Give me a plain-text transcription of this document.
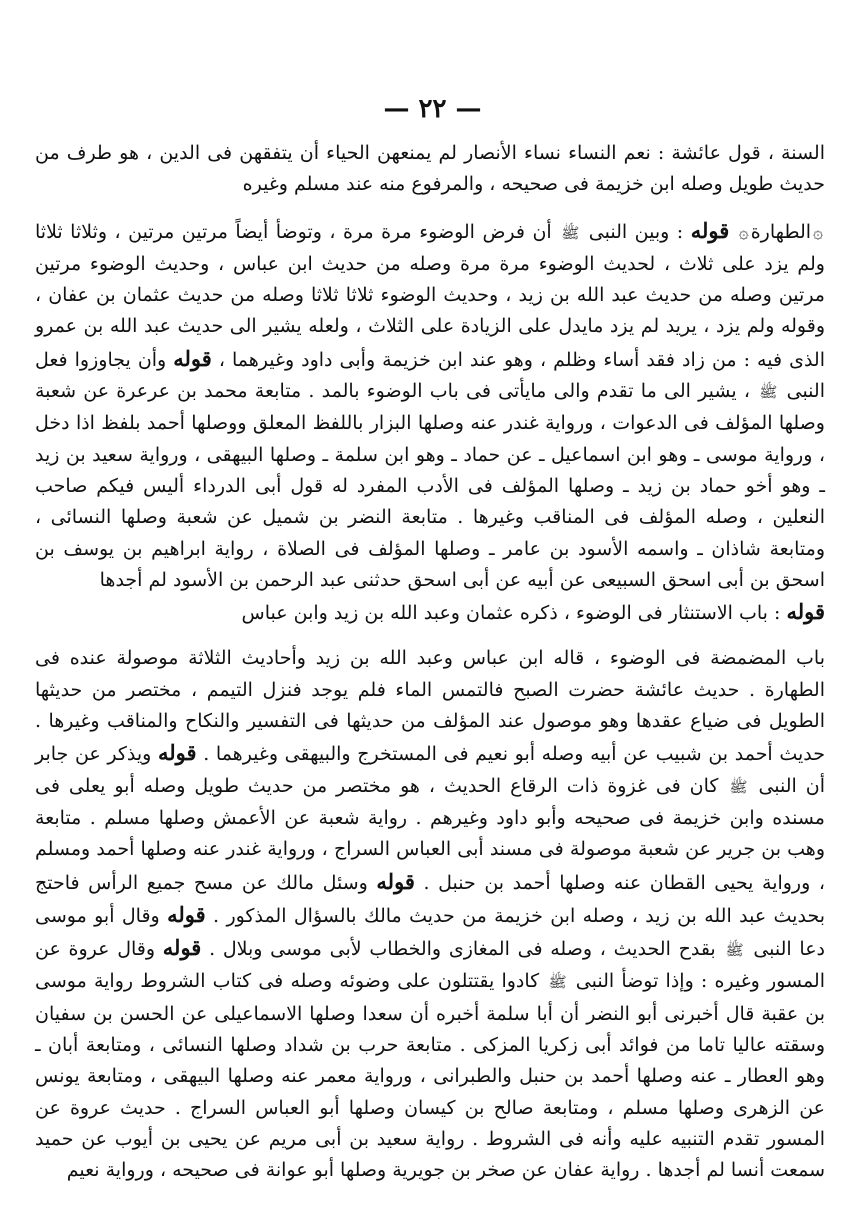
— ٢٢ —

السنة ، قول عائشة : نعم النساء نساء الأنصار لم يمنعهن الحياء أن يتفقهن فى الدين ، هو طرف من حديث طويل وصله ابن خزيمة فى صحيحه ، والمرفوع منه عند مسلم وغيره

۞الطهارة۞ قوله : وبين النبى ﷺ أن فرض الوضوء مرة مرة ، وتوضأ أيضاً مرتين مرتين ، وثلاثا ثلاثا ولم يزد على ثلاث ، لحديث الوضوء مرة مرة وصله من حديث ابن عباس ، وحديث الوضوء مرتين مرتين وصله من حديث عبد الله بن زيد ، وحديث الوضوء ثلاثا ثلاثا وصله من حديث عثمان بن عفان ، وقوله ولم يزد ، يريد لم يزد مايدل على الزيادة على الثلاث ، ولعله يشير الى حديث عبد الله بن عمرو الذى فيه : من زاد فقد أساء وظلم ، وهو عند ابن خزيمة وأبى داود وغيرهما ، قوله وأن يجاوزوا فعل النبى ﷺ ، يشير الى ما تقدم والى مايأتى فى باب الوضوء بالمد . متابعة محمد بن عرعرة عن شعبة وصلها المؤلف فى الدعوات ، ورواية غندر عنه وصلها البزار باللفظ المعلق ووصلها أحمد بلفظ اذا دخل ، ورواية موسى ـ وهو ابن اسماعيل ـ عن حماد ـ وهو ابن سلمة ـ وصلها البيهقى ، ورواية سعيد بن زيد ـ وهو أخو حماد بن زيد ـ وصلها المؤلف فى الأدب المفرد له قول أبى الدرداء أليس فيكم صاحب النعلين ، وصله المؤلف فى المناقب وغيرها . متابعة النضر بن شميل عن شعبة وصلها النسائى ، ومتابعة شاذان ـ واسمه الأسود بن عامر ـ وصلها المؤلف فى الصلاة ، رواية ابراهيم بن يوسف بن اسحق بن أبى اسحق السبيعى عن أبيه عن أبى اسحق حدثنى عبد الرحمن بن الأسود لم أجدها

قوله : باب الاستنثار فى الوضوء ، ذكره عثمان وعبد الله بن زيد وابن عباس

باب المضمضة فى الوضوء ، قاله ابن عباس وعبد الله بن زيد وأحاديث الثلاثة موصولة عنده فى الطهارة . حديث عائشة حضرت الصبح فالتمس الماء فلم يوجد فنزل التيمم ، مختصر من حديثها الطويل فى ضياع عقدها وهو موصول عند المؤلف من حديثها فى التفسير والنكاح والمناقب وغيرها . حديث أحمد بن شبيب عن أبيه وصله أبو نعيم فى المستخرج والبيهقى وغيرهما . قوله ويذكر عن جابر أن النبى ﷺ كان فى غزوة ذات الرقاع الحديث ، هو مختصر من حديث طويل وصله أبو يعلى فى مسنده وابن خزيمة فى صحيحه وأبو داود وغيرهم . رواية شعبة عن الأعمش وصلها مسلم . متابعة وهب بن جرير عن شعبة موصولة فى مسند أبى العباس السراج ، ورواية غندر عنه وصلها أحمد ومسلم ، ورواية يحيى القطان عنه وصلها أحمد بن حنبل . قوله وسئل مالك عن مسح جميع الرأس فاحتج بحديث عبد الله بن زيد ، وصله ابن خزيمة من حديث مالك بالسؤال المذكور . قوله وقال أبو موسى دعا النبى ﷺ بقدح الحديث ، وصله فى المغازى والخطاب لأبى موسى وبلال . قوله وقال عروة عن المسور وغيره : وإذا توضأ النبى ﷺ كادوا يقتتلون على وضوئه وصله فى كتاب الشروط رواية موسى بن عقبة قال أخبرنى أبو النضر أن أبا سلمة أخبره أن سعدا وصلها الاسماعيلى عن الحسن بن سفيان وسقته عاليا تاما من فوائد أبى زكريا المزكى . متابعة حرب بن شداد وصلها النسائى ، ومتابعة أبان ـ وهو العطار ـ عنه وصلها أحمد بن حنبل والطبرانى ، ورواية معمر عنه وصلها البيهقى ، ومتابعة يونس عن الزهرى وصلها مسلم ، ومتابعة صالح بن كيسان وصلها أبو العباس السراج . حديث عروة عن المسور تقدم التنبيه عليه وأنه فى الشروط . رواية سعيد بن أبى مريم عن يحيى بن أيوب عن حميد سمعت أنسا لم أجدها . رواية عفان عن صخر بن جويرية وصلها أبو عوانة فى صحيحه ، ورواية نعيم
